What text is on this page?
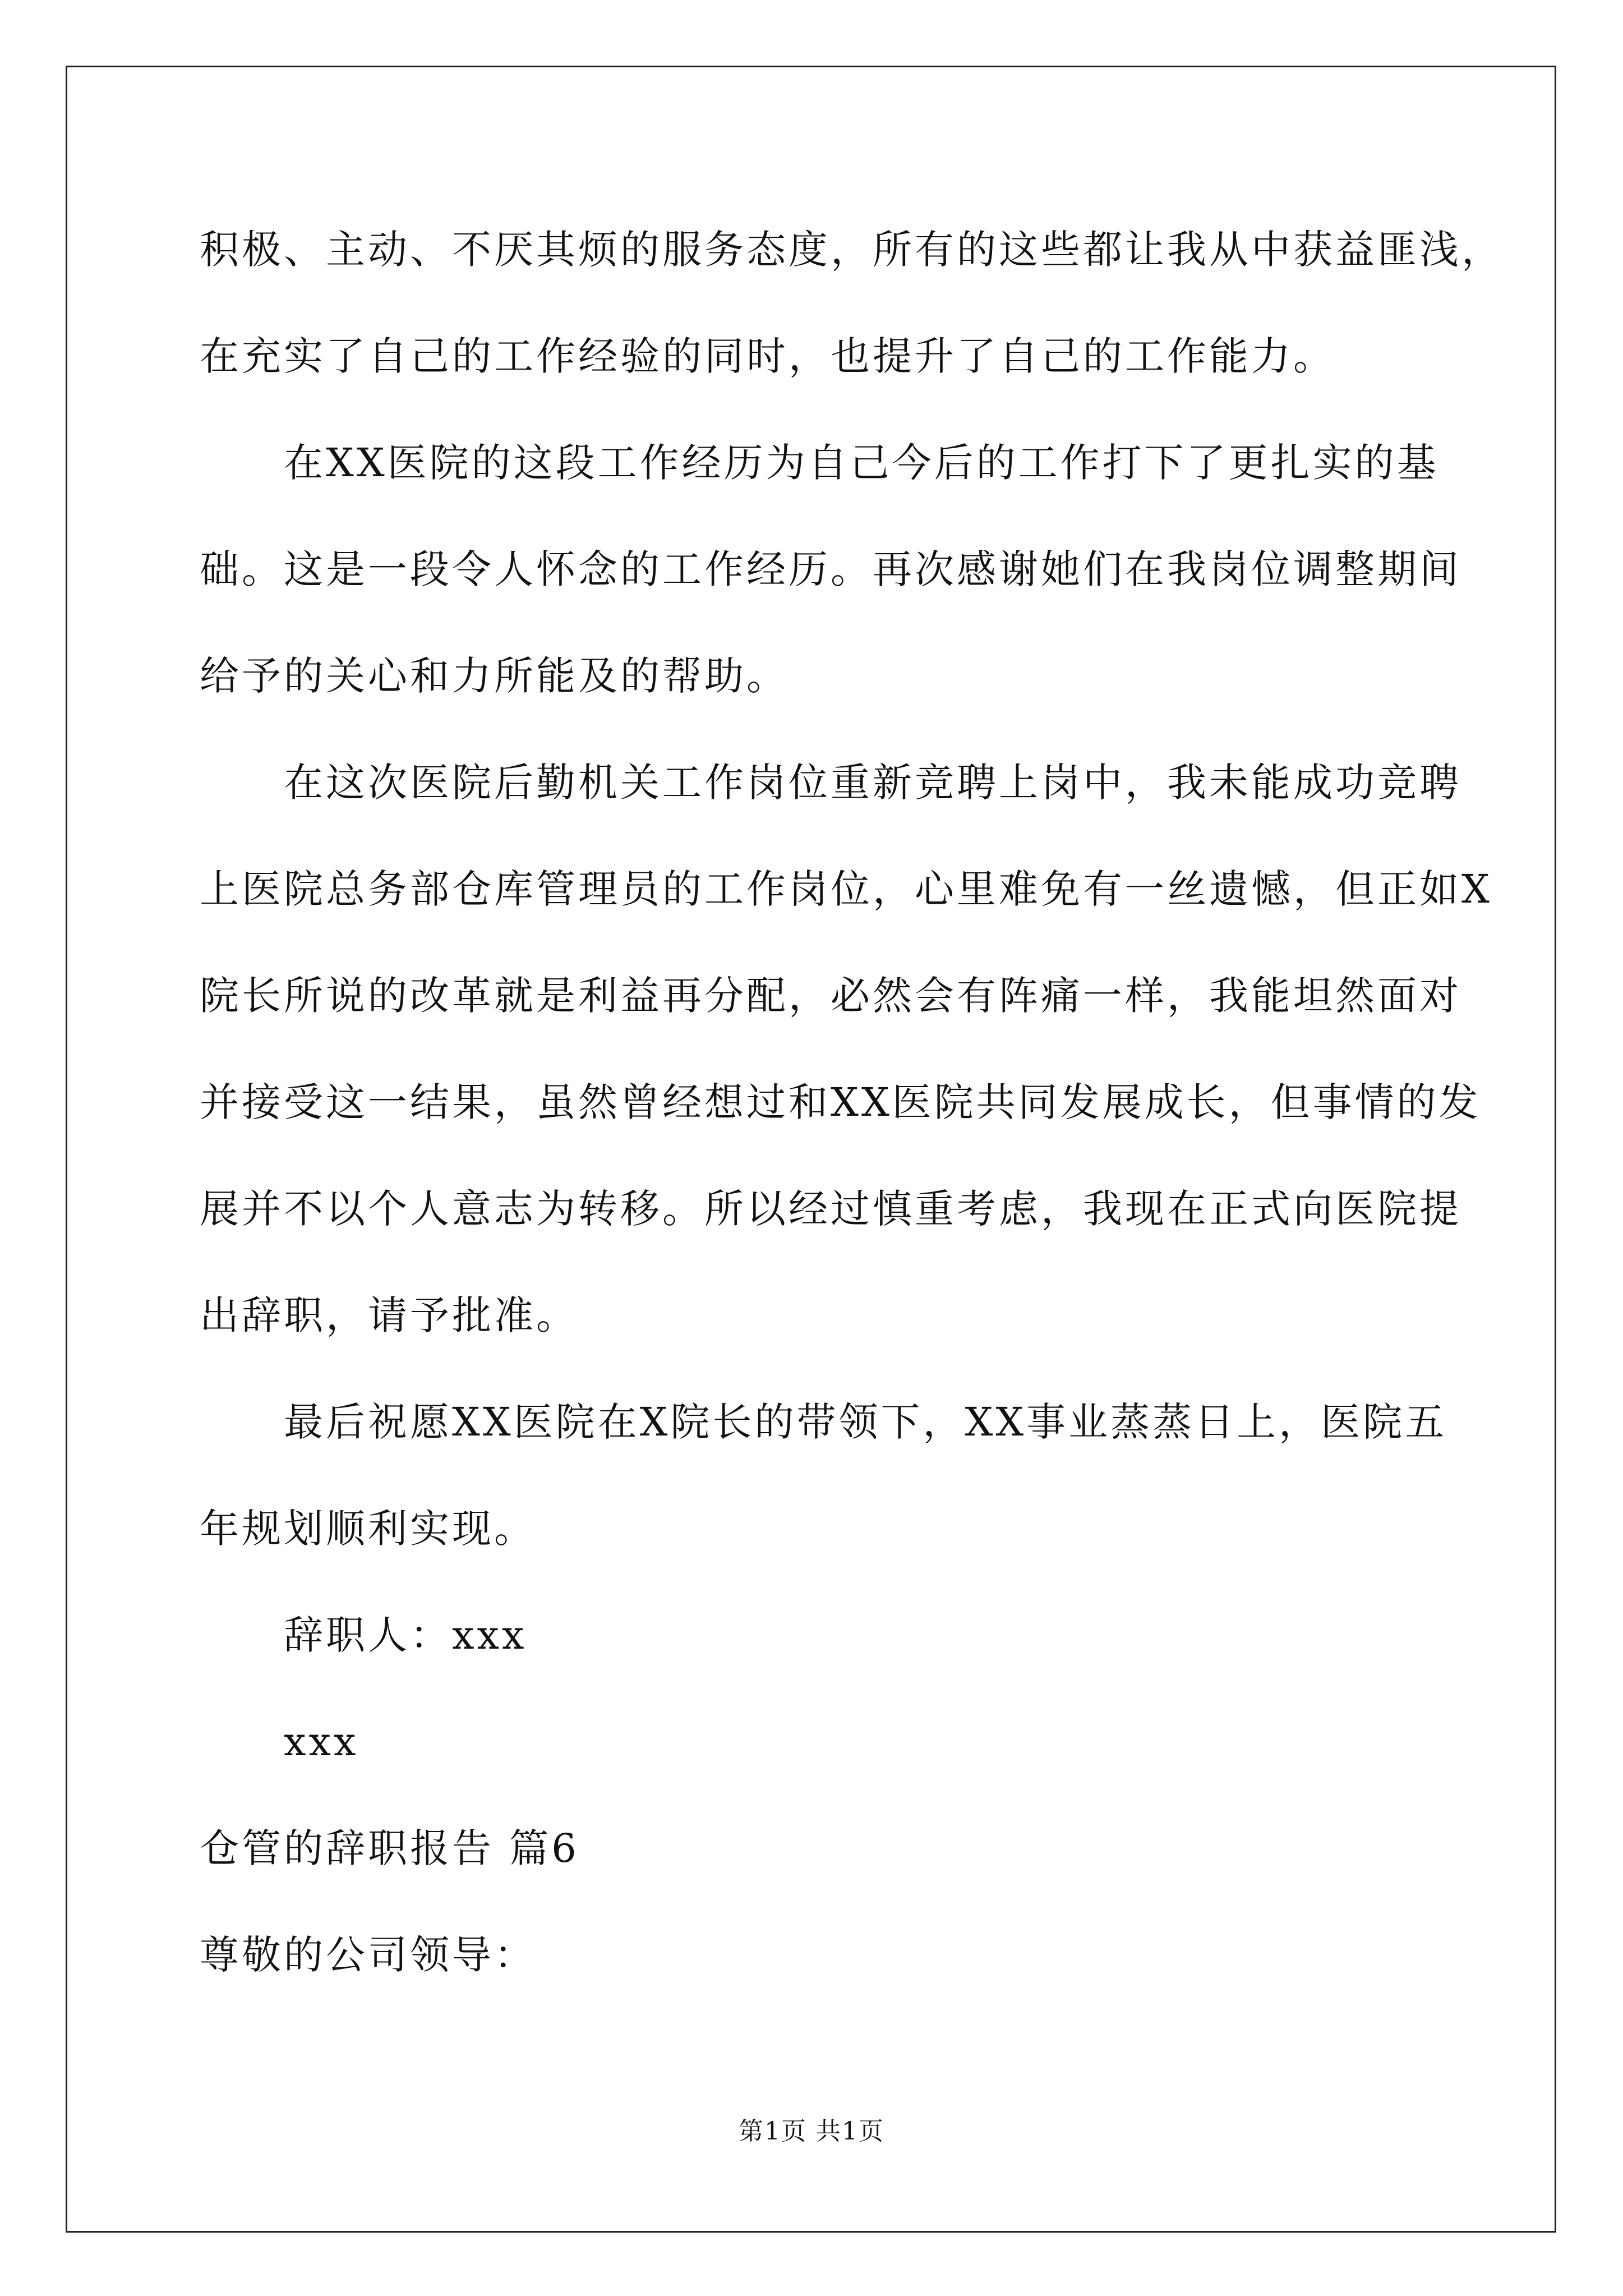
积极、主动、不厌其烦的服务态度，所有的这些都让我从中获益匪浅，
在充实了自己的工作经验的同时，也提升了自己的工作能力。
在XX医院的这段工作经历为自己今后的工作打下了更扎实的基
础。这是一段令人怀念的工作经历。再次感谢她们在我岗位调整期间
给予的关心和力所能及的帮助。
在这次医院后勤机关工作岗位重新竞聘上岗中，我未能成功竞聘
上医院总务部仓库管理员的工作岗位，心里难免有一丝遗憾，但正如X
院长所说的改革就是利益再分配，必然会有阵痛一样，我能坦然面对
并接受这一结果，虽然曾经想过和XX医院共同发展成长，但事情的发
展并不以个人意志为转移。所以经过慎重考虑，我现在正式向医院提
出辞职，请予批准。
最后祝愿XX医院在X院长的带领下，XX事业蒸蒸日上，医院五
年规划顺利实现。
辞职人：xxx
xxx
仓管的辞职报告 篇6
尊敬的公司领导：
第1页 共1页
